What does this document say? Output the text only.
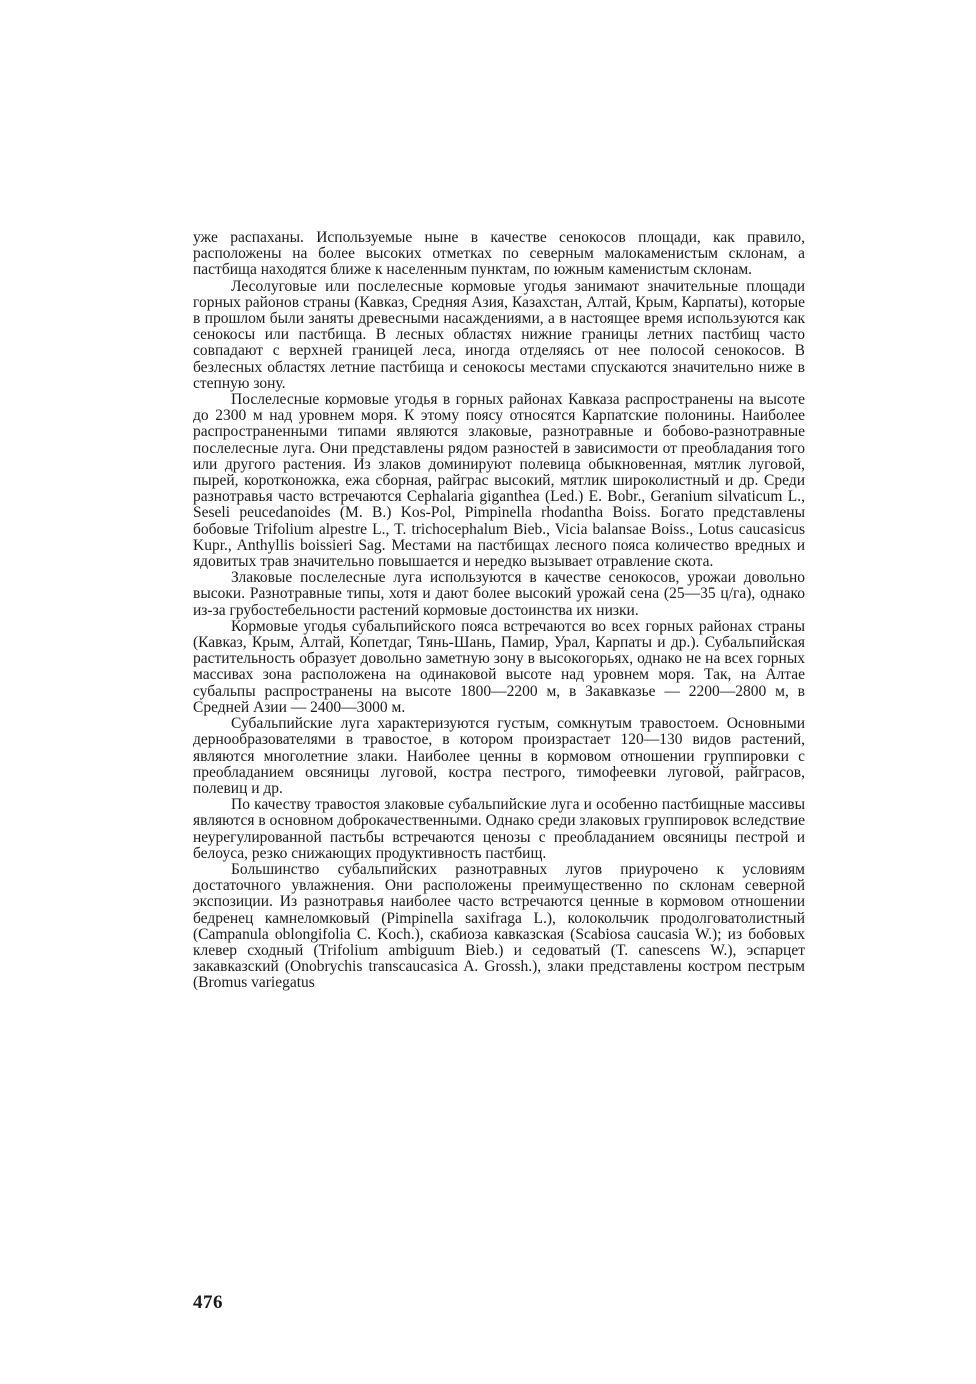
уже распаханы. Используемые ныне в качестве сенокосов площади, как правило, расположены на более высоких отметках по северным малокаменистым склонам, а пастбища находятся ближе к населенным пунктам, по южным каменистым склонам.

Лесолуговые или послелесные кормовые угодья занимают значительные площади горных районов страны (Кавказ, Средняя Азия, Казахстан, Алтай, Крым, Карпаты), которые в прошлом были заняты древесными насаждениями, а в настоящее время используются как сенокосы или пастбища. В лесных областях нижние границы летних пастбищ часто совпадают с верхней границей леса, иногда отделяясь от нее полосой сенокосов. В безлесных областях летние пастбища и сенокосы местами спускаются значительно ниже в степную зону.

Послелесные кормовые угодья в горных районах Кавказа распространены на высоте до 2300 м над уровнем моря. К этому поясу относятся Карпатские полонины. Наиболее распространенными типами являются злаковые, разнотравные и бобово-разнотравные послелесные луга. Они представлены рядом разностей в зависимости от преобладания того или другого растения. Из злаков доминируют полевица обыкновенная, мятлик луговой, пырей, коротконожка, ежа сборная, райграс высокий, мятлик широколистный и др. Среди разнотравья часто встречаются Cephalaria giganthea (Led.) E. Bobr., Geranium silvaticum L., Seseli peucedanoides (M. B.) Kos-Pol, Pimpinella rhodantha Boiss. Богато представлены бобовые Trifolium alpestre L., T. trichocephalum Bieb., Vicia balansae Boiss., Lotus caucasicus Kupr., Anthyllis boissieri Sag. Местами на пастбищах лесного пояса количество вредных и ядовитых трав значительно повышается и нередко вызывает отравление скота.

Злаковые послелесные луга используются в качестве сенокосов, урожаи довольно высоки. Разнотравные типы, хотя и дают более высокий урожай сена (25—35 ц/га), однако из-за грубостебельности растений кормовые достоинства их низки.

Кормовые угодья субальпийского пояса встречаются во всех горных районах страны (Кавказ, Крым, Алтай, Копетдаг, Тянь-Шань, Памир, Урал, Карпаты и др.). Субальпийская растительность образует довольно заметную зону в высокогорьях, однако не на всех горных массивах зона расположена на одинаковой высоте над уровнем моря. Так, на Алтае субальпы распространены на высоте 1800—2200 м, в Закавказье — 2200—2800 м, в Средней Азии — 2400—3000 м.

Субальпийские луга характеризуются густым, сомкнутым травостоем. Основными дернообразователями в травостое, в котором произрастает 120—130 видов растений, являются многолетние злаки. Наиболее ценны в кормовом отношении группировки с преобладанием овсяницы луговой, костра пестрого, тимофеевки луговой, райграсов, полевиц и др.

По качеству травостоя злаковые субальпийские луга и особенно пастбищные массивы являются в основном доброкачественными. Однако среди злаковых группировок вследствие неурегулированной пастьбы встречаются ценозы с преобладанием овсяницы пестрой и белоуса, резко снижающих продуктивность пастбищ.

Большинство субальпийских разнотравных лугов приурочено к условиям достаточного увлажнения. Они расположены преимущественно по склонам северной экспозиции. Из разнотравья наиболее часто встречаются ценные в кормовом отношении бедренец камнеломковый (Pimpinella saxifraga L.), колокольчик продолговатолистный (Campanula oblongifolia C. Koch.), скабиоза кавказская (Scabiosa caucasia W.); из бобовых клевер сходный (Trifolium ambiguum Bieb.) и седоватый (T. canescens W.), эспарцет закавказский (Onobrychis transcaucasica A. Grossh.), злаки представлены костром пестрым (Bromus variegatus

476
